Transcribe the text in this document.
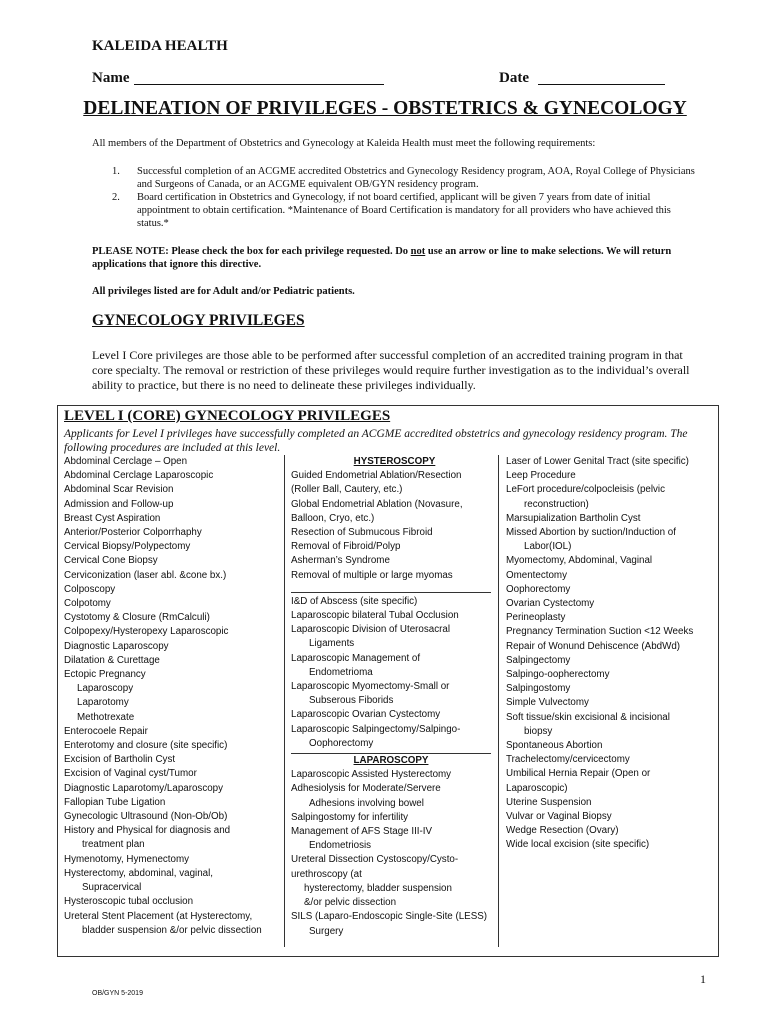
KALEIDA HEALTH
Name	Date
DELINEATION OF PRIVILEGES - OBSTETRICS & GYNECOLOGY
All members of the Department of Obstetrics and Gynecology at Kaleida Health must meet the following requirements:
1. Successful completion of an ACGME accredited Obstetrics and Gynecology Residency program, AOA, Royal College of Physicians and Surgeons of Canada, or an ACGME equivalent OB/GYN residency program.
2. Board certification in Obstetrics and Gynecology, if not board certified, applicant will be given 7 years from date of initial appointment to obtain certification. *Maintenance of Board Certification is mandatory for all providers who have achieved this status.*
PLEASE NOTE: Please check the box for each privilege requested. Do not use an arrow or line to make selections. We will return applications that ignore this directive.
All privileges listed are for Adult and/or Pediatric patients.
GYNECOLOGY PRIVILEGES
Level I Core privileges are those able to be performed after successful completion of an accredited training program in that core specialty. The removal or restriction of these privileges would require further investigation as to the individual’s overall ability to practice, but there is no need to delineate these privileges individually.
LEVEL I (CORE) GYNECOLOGY PRIVILEGES
Applicants for Level I privileges have successfully completed an ACGME accredited obstetrics and gynecology residency program. The following procedures are included at this level.
Abdominal Cerclage – Open
Abdominal Cerclage Laparoscopic
Abdominal Scar Revision
Admission and Follow-up
Breast Cyst Aspiration
Anterior/Posterior Colporrhaphy
Cervical Biopsy/Polypectomy
Cervical Cone Biopsy
Cerviconization (laser abl. &cone bx.)
Colposcopy
Colpotomy
Cystotomy & Closure (RmCalculi)
Colpopexy/Hysteropexy Laparoscopic
Diagnostic Laparoscopy
Dilatation & Curettage
Ectopic Pregnancy
Laparoscopy
Laparotomy
Methotrexate
Enterocoele Repair
Enterotomy and closure (site specific)
Excision of Bartholin Cyst
Excision of Vaginal cyst/Tumor
Diagnostic Laparotomy/Laparoscopy
Fallopian Tube Ligation
Gynecologic Ultrasound (Non-Ob/Ob)
History and Physical for diagnosis and
treatment plan
Hymenotomy, Hymenectomy
Hysterectomy, abdominal, vaginal,
Supracervical
Hysteroscopic tubal occlusion
Ureteral Stent Placement (at Hysterectomy,
bladder suspension &/or pelvic dissection
HYSTEROSCOPY
Guided Endometrial Ablation/Resection
(Roller Ball, Cautery, etc.)
Global Endometrial Ablation (Novasure,
Balloon, Cryo, etc.)
Resection of Submucous Fibroid
Removal of Fibroid/Polyp
Asherman’s Syndrome
Removal of multiple or large myomas
I&D of Abscess (site specific)
Laparoscopic bilateral Tubal Occlusion
Laparoscopic Division of Uterosacral
Ligaments
Laparoscopic Management of
Endometrioma
Laparoscopic Myomectomy-Small or
Subserous Fiborids
Laparoscopic Ovarian Cystectomy
Laparoscopic Salpingectomy/Salpingo-
Oophorectomy
LAPAROSCOPY
Laparoscopic Assisted Hysterectomy
Adhesiolysis for Moderate/Servere
Adhesions involving bowel
Salpingostomy for infertility
Management of AFS Stage III-IV
Endometriosis
Ureteral Dissection Cystoscopy/Cysto-
urethroscopy (at
hysterectomy, bladder suspension
&/or pelvic dissection
SILS (Laparo-Endoscopic Single-Site (LESS)
Surgery
Laser of Lower Genital Tract (site specific)
Leep Procedure
LeFort procedure/colpocleisis (pelvic
reconstruction)
Marsupialization Bartholin Cyst
Missed Abortion by suction/Induction of
Labor(IOL)
Myomectomy, Abdominal, Vaginal
Omentectomy
Oophorectomy
Ovarian Cystectomy
Perineoplasty
Pregnancy Termination Suction <12 Weeks
Repair of Wonund Dehiscence (AbdWd)
Salpingectomy
Salpingo-oopherectomy
Salpingostomy
Simple Vulvectomy
Soft tissue/skin excisional & incisional
biopsy
Spontaneous Abortion
Trachelectomy/cervicectomy
Umbilical Hernia Repair (Open or
Laparoscopic)
Uterine Suspension
Vulvar or Vaginal Biopsy
Wedge Resection (Ovary)
Wide local excision (site specific)
1
OB/GYN 5-2019
